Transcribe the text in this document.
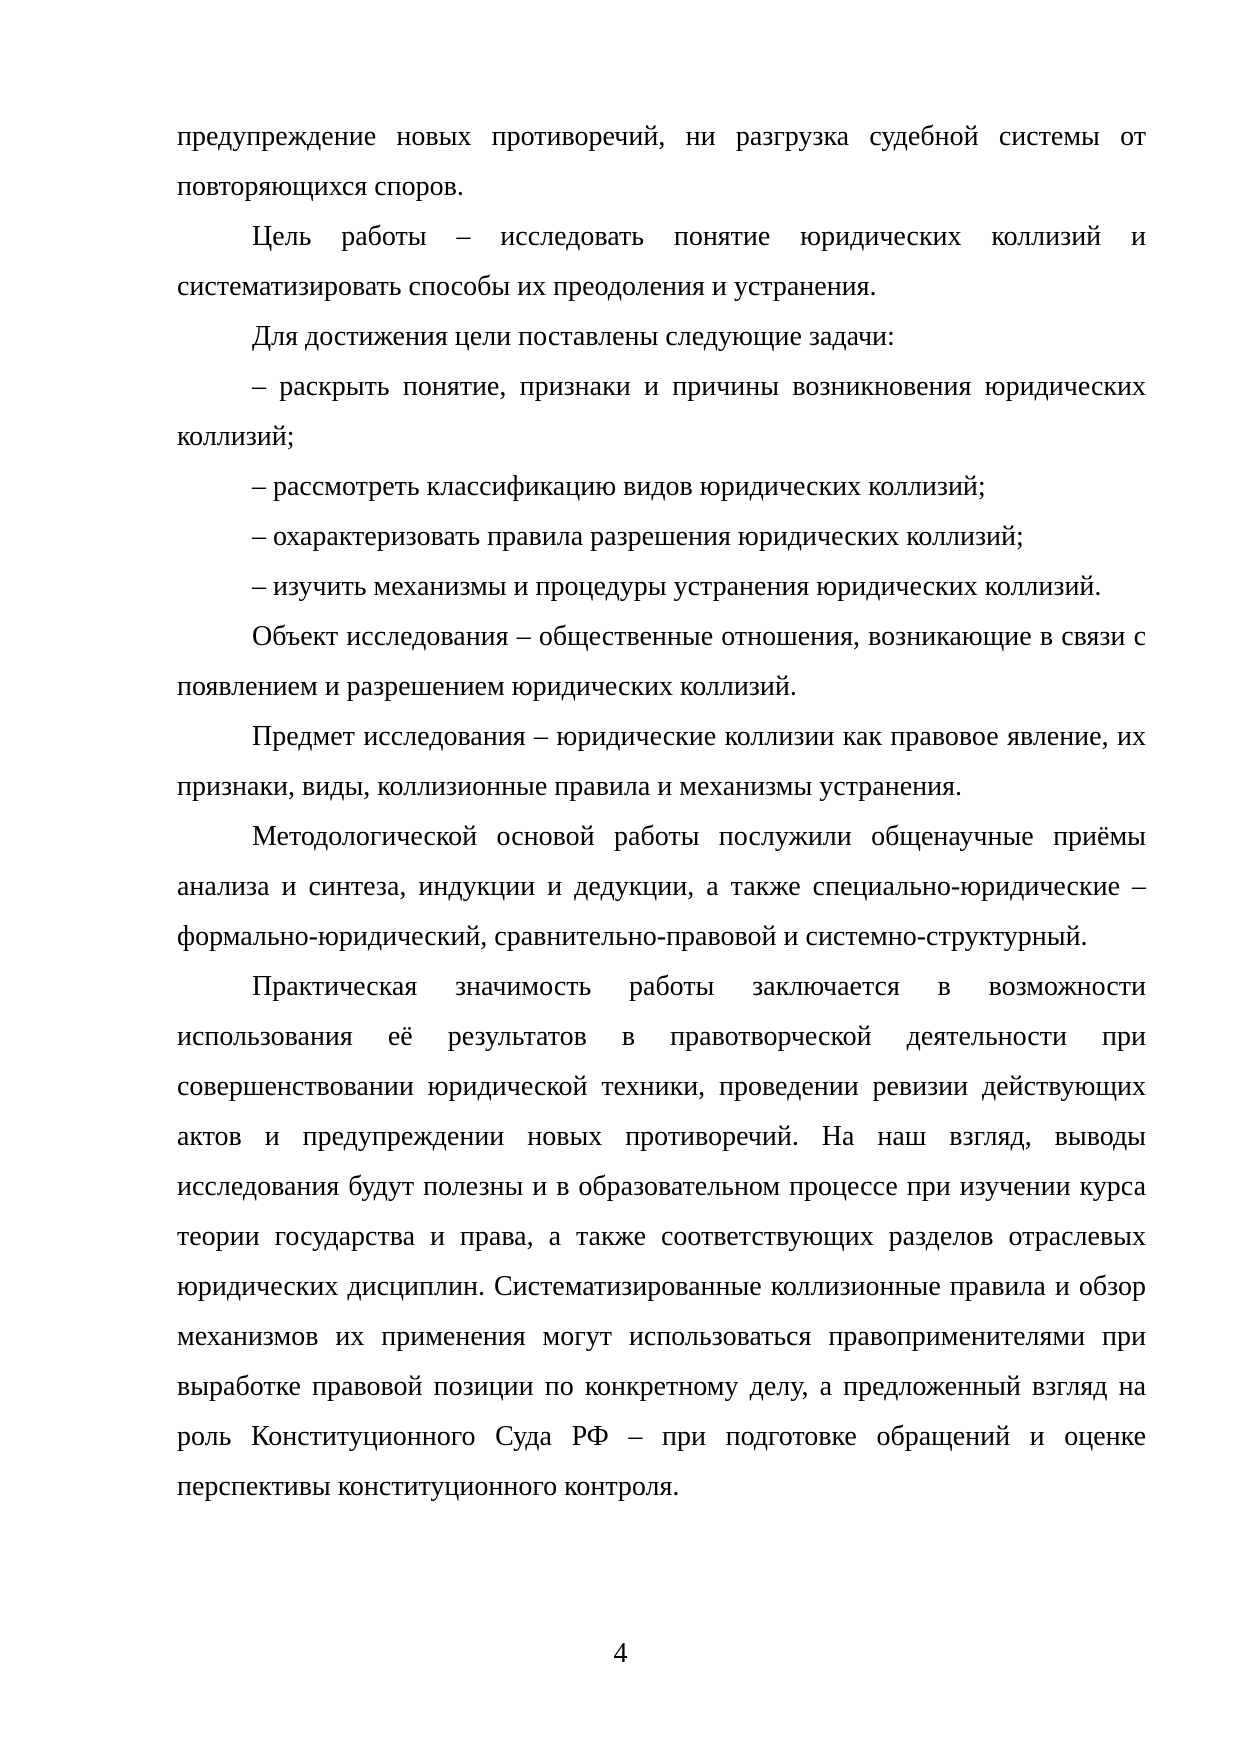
предупреждение новых противоречий, ни разгрузка судебной системы от повторяющихся споров.

Цель работы – исследовать понятие юридических коллизий и систематизировать способы их преодоления и устранения.

Для достижения цели поставлены следующие задачи:

– раскрыть понятие, признаки и причины возникновения юридических коллизий;

– рассмотреть классификацию видов юридических коллизий;

– охарактеризовать правила разрешения юридических коллизий;

– изучить механизмы и процедуры устранения юридических коллизий.

Объект исследования – общественные отношения, возникающие в связи с появлением и разрешением юридических коллизий.

Предмет исследования – юридические коллизии как правовое явление, их признаки, виды, коллизионные правила и механизмы устранения.

Методологической основой работы послужили общенаучные приёмы анализа и синтеза, индукции и дедукции, а также специально-юридические – формально-юридический, сравнительно-правовой и системно-структурный.

Практическая значимость работы заключается в возможности использования её результатов в правотворческой деятельности при совершенствовании юридической техники, проведении ревизии действующих актов и предупреждении новых противоречий. На наш взгляд, выводы исследования будут полезны и в образовательном процессе при изучении курса теории государства и права, а также соответствующих разделов отраслевых юридических дисциплин. Систематизированные коллизионные правила и обзор механизмов их применения могут использоваться правоприменителями при выработке правовой позиции по конкретному делу, а предложенный взгляд на роль Конституционного Суда РФ – при подготовке обращений и оценке перспективы конституционного контроля.

4
